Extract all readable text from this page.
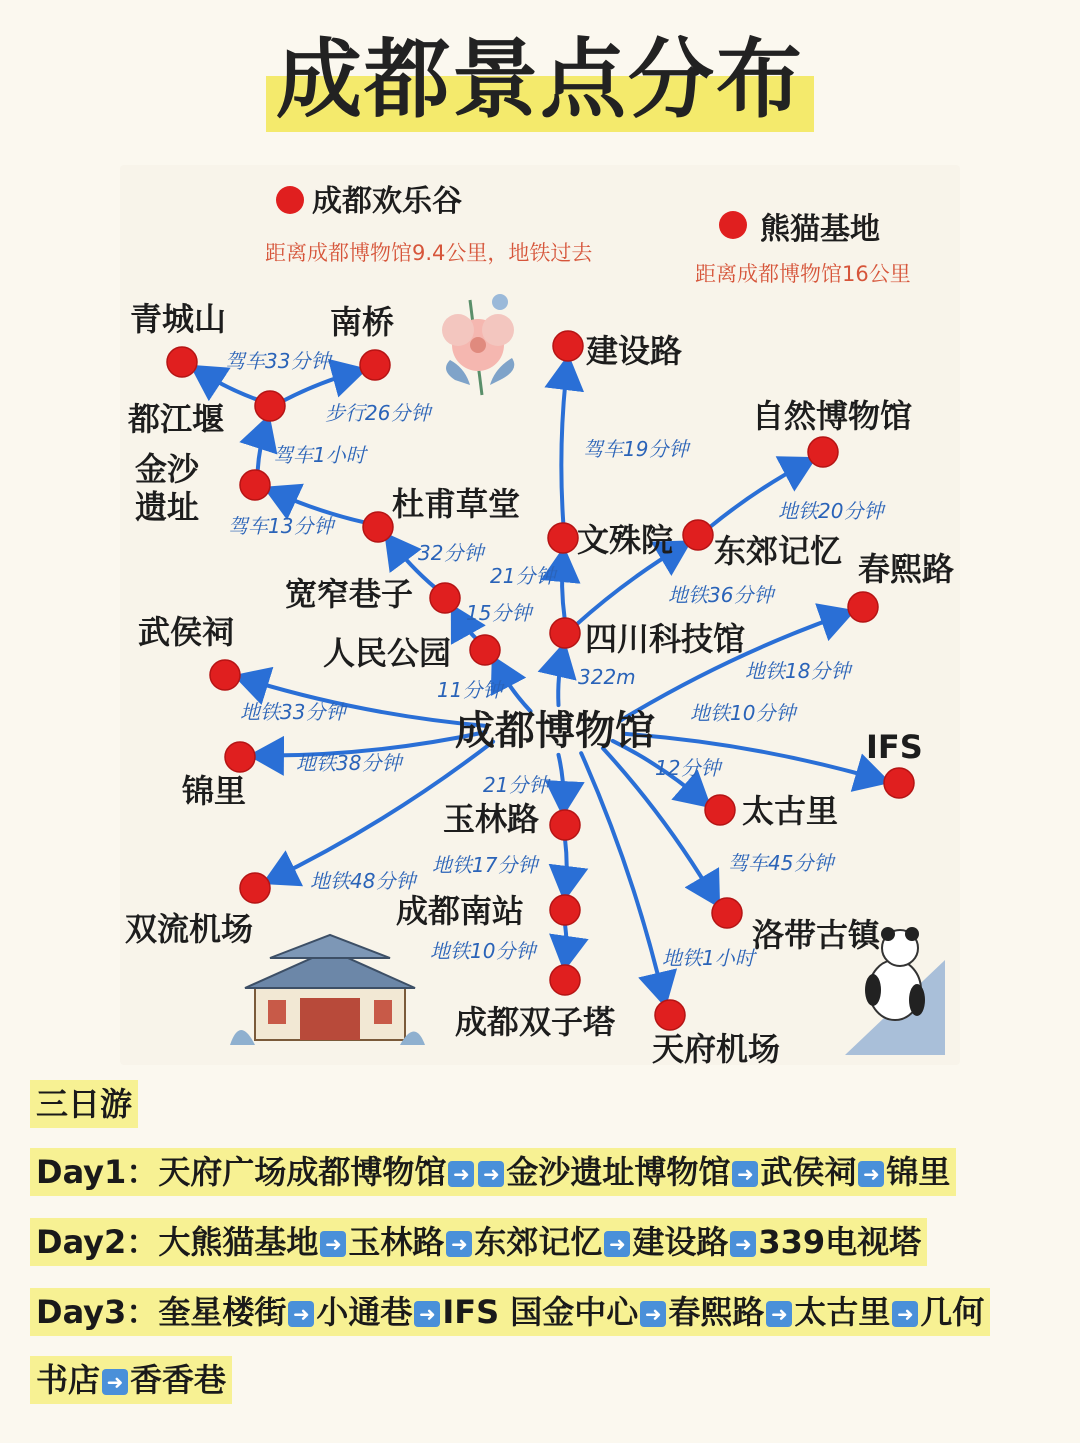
成都景点分布
青城山	南桥
都江堰
杜甫草堂
宽窄巷子
武侯祠
人民公园
锦里
双流机场
建设路
文殊院 东郊记忆
自然博物馆
春熙路
四川科技馆
IFS
太古里
玉林路
成都南站
成都双子塔
天府机场
洛带古镇
金沙
遗址
成都博物馆
驾车33分钟
步行26分钟
驾车1小时
驾车13分钟
32分钟
15分钟
11分钟
地铁33分钟
地铁38分钟
地铁48分钟
驾车19分钟
21分钟
地铁36分钟
地铁20分钟
322m	地铁18分钟
地铁10分钟
12分钟
驾车45分钟
21分钟
地铁17分钟
地铁10分钟	地铁1小时
成都欢乐谷
距离成都博物馆9.4公里，地铁过去
熊猫基地
距离成都博物馆16公里
三日游
Day1：天府广场成都博物馆 ➜ ➜ 金沙遗址博物馆 ➜ 武侯祠 ➜ 锦里
Day2：大熊猫基地 ➜ 玉林路 ➜ 东郊记忆 ➜ 建设路 ➜ 339电视塔
Day3：奎星楼街 ➜ 小通巷 ➜ IFS 国金中心 ➜ 春熙路 ➜ 太古里 ➜ 几何
书店 ➜ 香香巷
